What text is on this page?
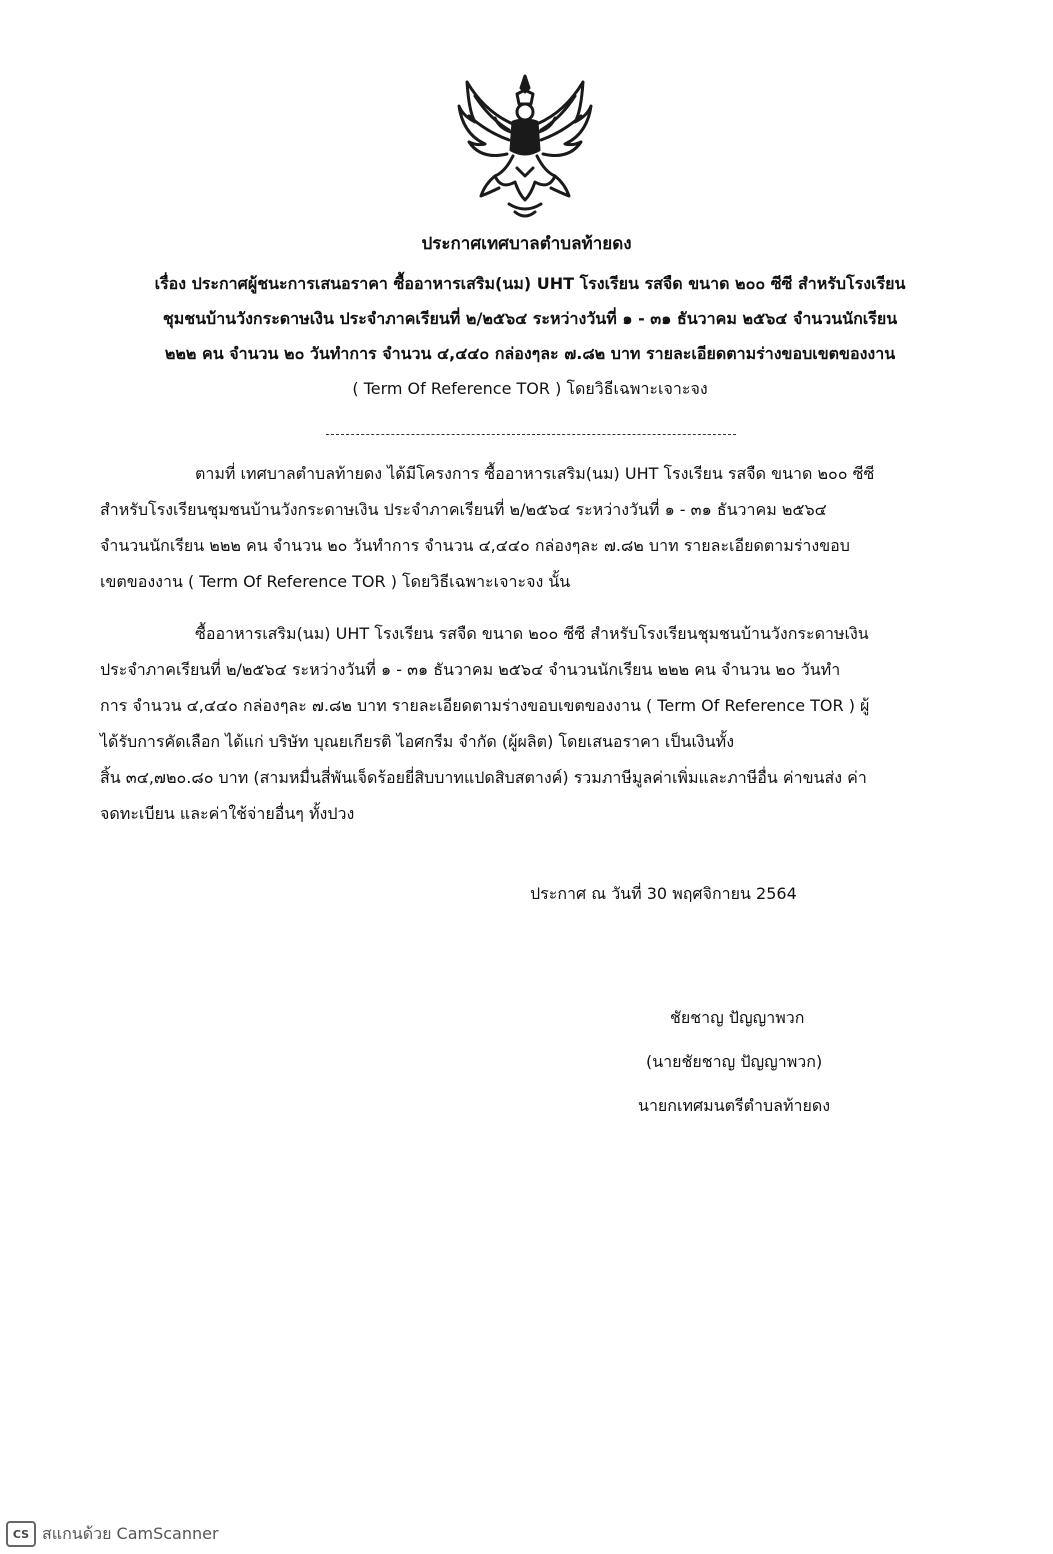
ประกาศเทศบาลตำบลท้ายดง

เรื่อง ประกาศผู้ชนะการเสนอราคา ซื้ออาหารเสริม(นม) UHT โรงเรียน รสจืด ขนาด ๒๐๐ ซีซี สำหรับโรงเรียน

ชุมชนบ้านวังกระดาษเงิน ประจำภาคเรียนที่ ๒/๒๕๖๔ ระหว่างวันที่ ๑ - ๓๑ ธันวาคม ๒๕๖๔ จำนวนนักเรียน

๒๒๒ คน จำนวน ๒๐ วันทำการ จำนวน ๔,๔๔๐ กล่องๆละ ๗.๘๒ บาท รายละเอียดตามร่างขอบเขตของงาน

( Term Of Reference TOR ) โดยวิธีเฉพาะเจาะจง

ตามที่ เทศบาลตำบลท้ายดง ได้มีโครงการ ซื้ออาหารเสริม(นม) UHT โรงเรียน รสจืด ขนาด ๒๐๐ ซีซี

สำหรับโรงเรียนชุมชนบ้านวังกระดาษเงิน ประจำภาคเรียนที่ ๒/๒๕๖๔ ระหว่างวันที่ ๑ - ๓๑ ธันวาคม ๒๕๖๔

จำนวนนักเรียน ๒๒๒ คน จำนวน ๒๐ วันทำการ จำนวน ๔,๔๔๐ กล่องๆละ ๗.๘๒ บาท รายละเอียดตามร่างขอบ

เขตของงาน ( Term Of Reference TOR ) โดยวิธีเฉพาะเจาะจง นั้น

ซื้ออาหารเสริม(นม) UHT โรงเรียน รสจืด ขนาด ๒๐๐ ซีซี สำหรับโรงเรียนชุมชนบ้านวังกระดาษเงิน

ประจำภาคเรียนที่ ๒/๒๕๖๔ ระหว่างวันที่ ๑ - ๓๑ ธันวาคม ๒๕๖๔ จำนวนนักเรียน ๒๒๒ คน จำนวน ๒๐ วันทำ

การ จำนวน ๔,๔๔๐ กล่องๆละ ๗.๘๒ บาท รายละเอียดตามร่างขอบเขตของงาน ( Term Of Reference TOR ) ผู้

ได้รับการคัดเลือก ได้แก่ บริษัท บุณยเกียรติ ไอศกรีม จำกัด (ผู้ผลิต) โดยเสนอราคา เป็นเงินทั้ง

สิ้น ๓๔,๗๒๐.๘๐ บาท (สามหมื่นสี่พันเจ็ดร้อยยี่สิบบาทแปดสิบสตางค์) รวมภาษีมูลค่าเพิ่มและภาษีอื่น ค่าขนส่ง ค่า

จดทะเบียน และค่าใช้จ่ายอื่นๆ ทั้งปวง

ประกาศ ณ วันที่ 30 พฤศจิกายน 2564
ชัยชาญ ปัญญาพวก
(นายชัยชาญ ปัญญาพวก)
นายกเทศมนตรีตำบลท้ายดง
CS สแกนด้วย CamScanner
